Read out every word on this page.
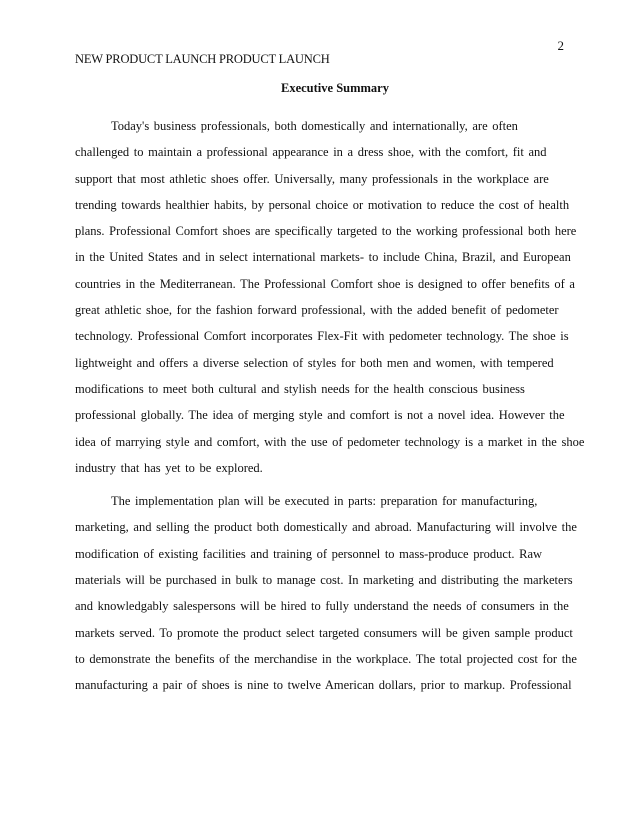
2
NEW PRODUCT LAUNCH PRODUCT LAUNCH
Executive Summary
Today's business professionals, both domestically and internationally, are often
challenged to maintain a professional appearance in a dress shoe, with the comfort, fit and
support that most athletic shoes offer. Universally, many professionals in the workplace are
trending towards healthier habits, by personal choice or motivation to reduce the cost of health
plans. Professional Comfort shoes are specifically targeted to the working professional both here
in the United States and in select international markets- to include China, Brazil, and European
countries in the Mediterranean. The Professional Comfort shoe is designed to offer benefits of a
great athletic shoe, for the fashion forward professional, with the added benefit of pedometer
technology. Professional Comfort incorporates Flex-Fit with pedometer technology. The shoe is
lightweight and offers a diverse selection of styles for both men and women, with tempered
modifications to meet both cultural and stylish needs for the health conscious business
professional globally. The idea of merging style and comfort is not a novel idea. However the
idea of marrying style and comfort, with the use of pedometer technology is a market in the shoe
industry that has yet to be explored.
The implementation plan will be executed in parts: preparation for manufacturing,
marketing, and selling the product both domestically and abroad. Manufacturing will involve the
modification of existing facilities and training of personnel to mass-produce product. Raw
materials will be purchased in bulk to manage cost. In marketing and distributing the marketers
and knowledgably salespersons will be hired to fully understand the needs of consumers in the
markets served. To promote the product select targeted consumers will be given sample product
to demonstrate the benefits of the merchandise in the workplace. The total projected cost for the
manufacturing a pair of shoes is nine to twelve American dollars, prior to markup. Professional
